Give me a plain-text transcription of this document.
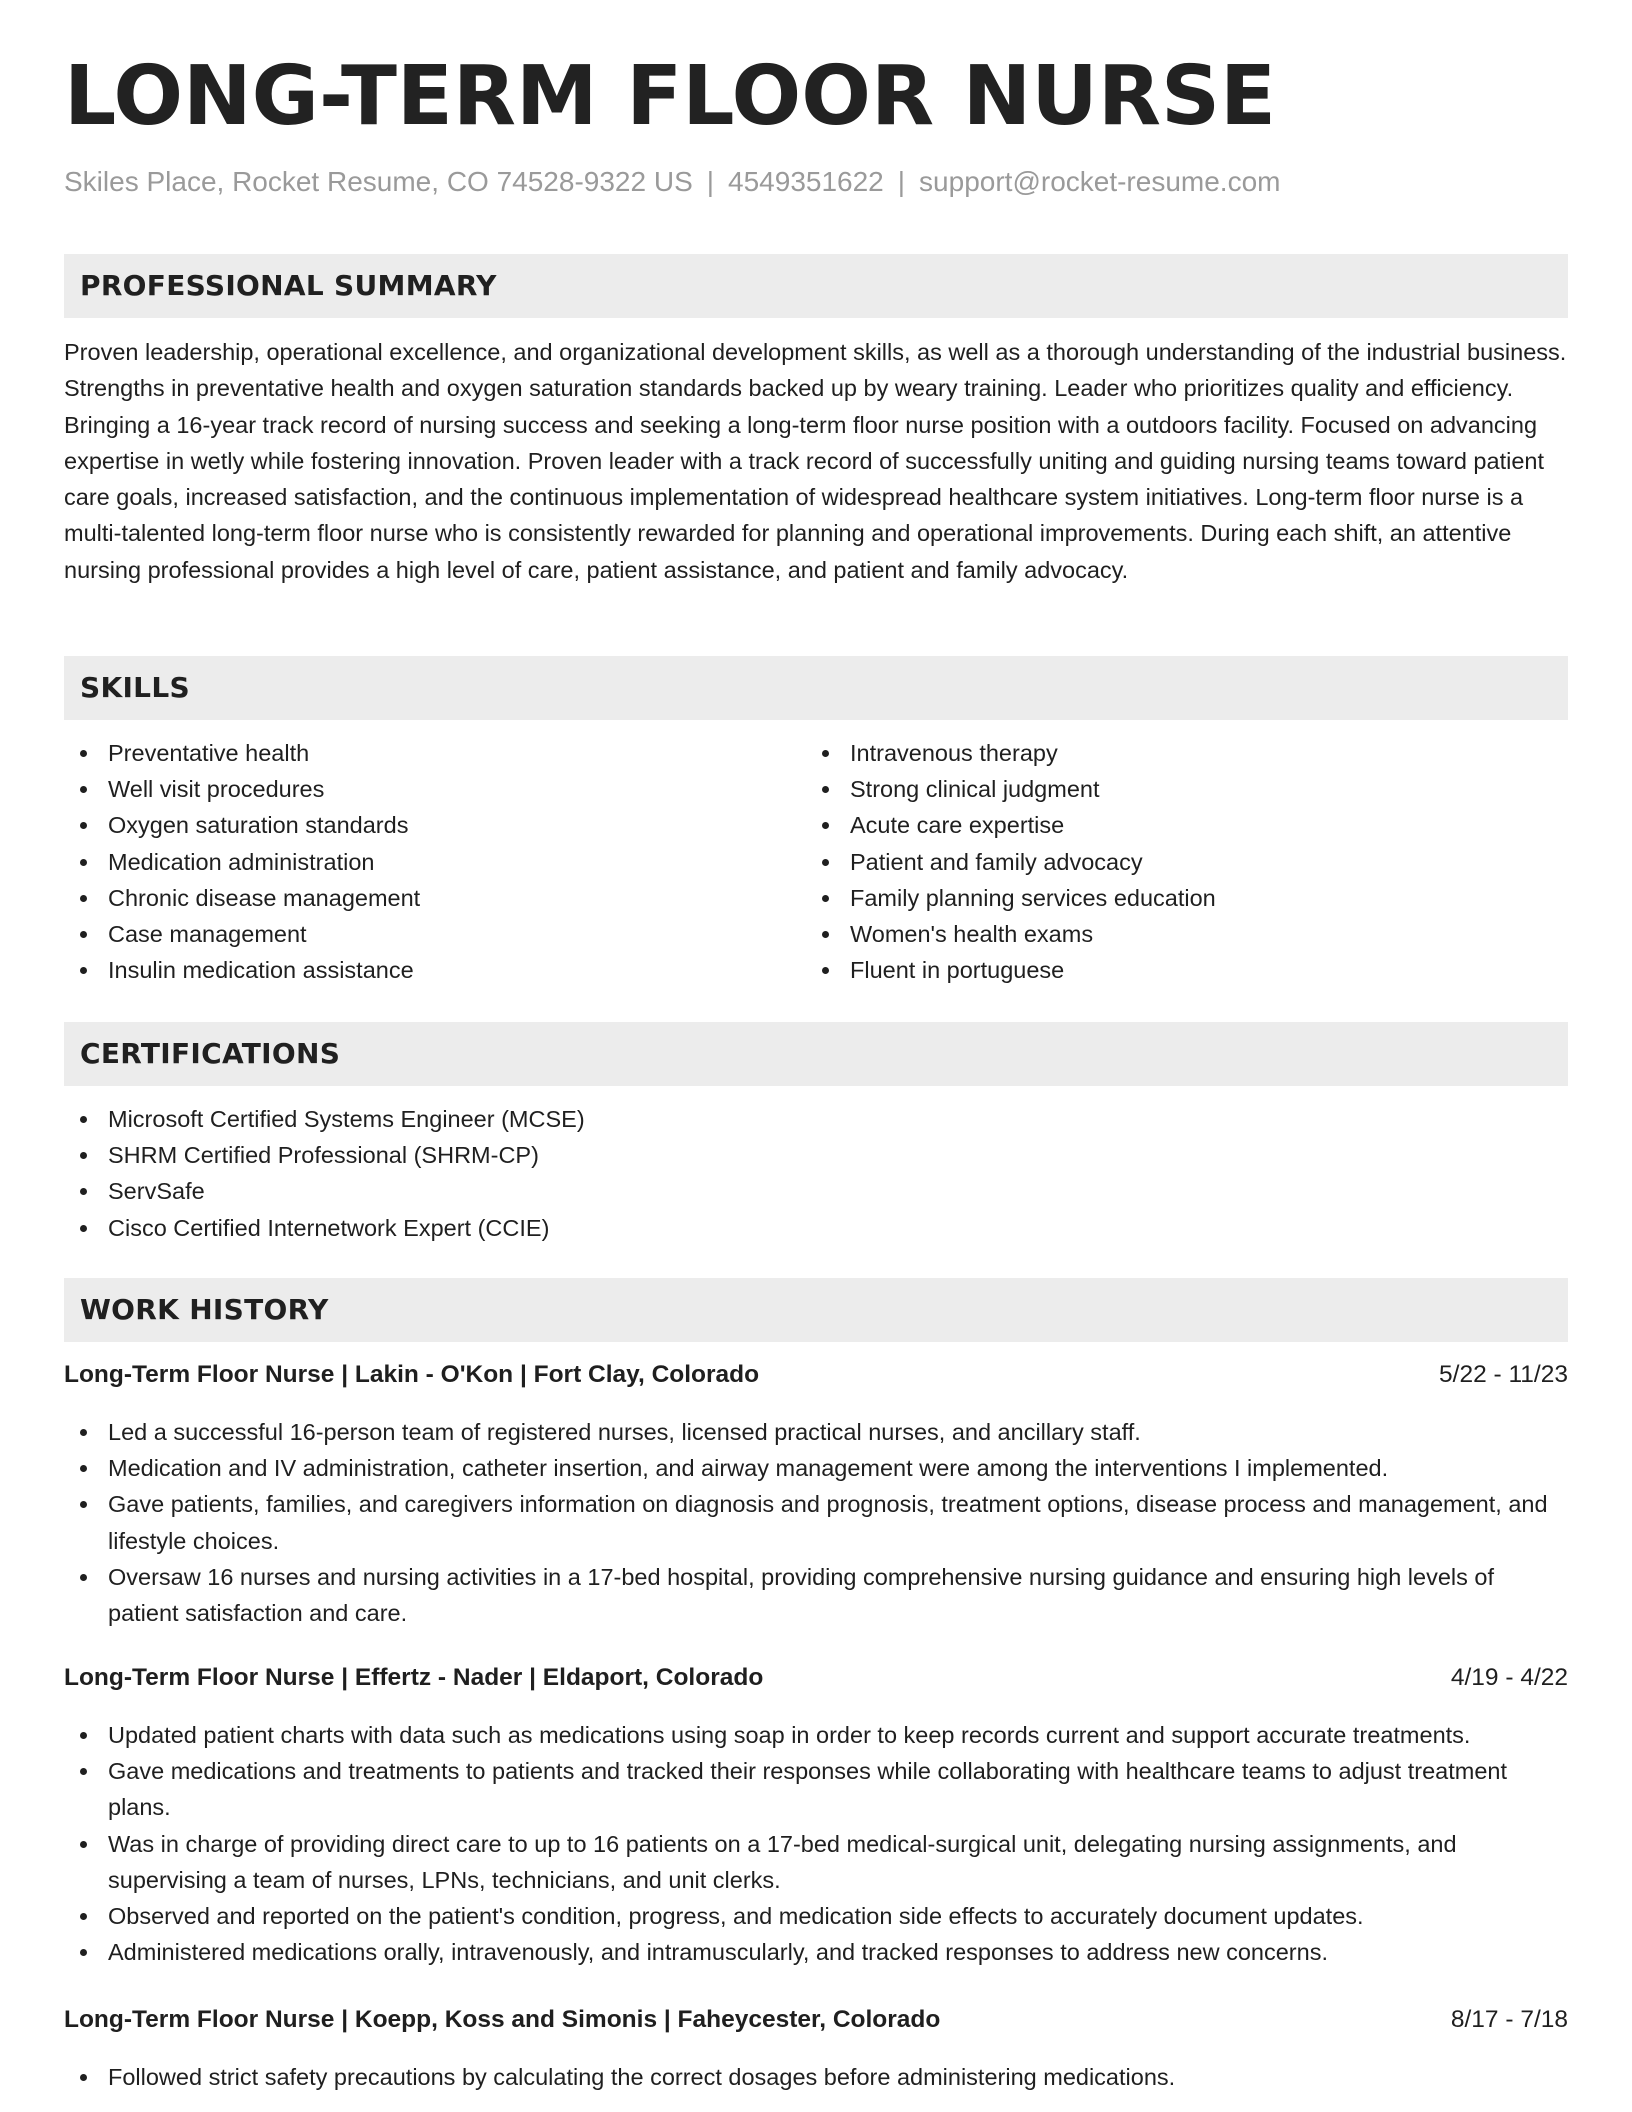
LONG-TERM FLOOR NURSE
Skiles Place, Rocket Resume, CO 74528-9322 US | 4549351622 | support@rocket-resume.com
PROFESSIONAL SUMMARY

Proven leadership, operational excellence, and organizational development skills, as well as a thorough understanding of the industrial business. Strengths in preventative health and oxygen saturation standards backed up by weary training. Leader who prioritizes quality and efficiency. Bringing a 16-year track record of nursing success and seeking a long-term floor nurse position with a outdoors facility. Focused on advancing expertise in wetly while fostering innovation. Proven leader with a track record of successfully uniting and guiding nursing teams toward patient care goals, increased satisfaction, and the continuous implementation of widespread healthcare system initiatives. Long-term floor nurse is a multi-talented long-term floor nurse who is consistently rewarded for planning and operational improvements. During each shift, an attentive nursing professional provides a high level of care, patient assistance, and patient and family advocacy.

SKILLS
Preventative health
Well visit procedures
Oxygen saturation standards
Medication administration
Chronic disease management
Case management
Insulin medication assistance
Intravenous therapy
Strong clinical judgment
Acute care expertise
Patient and family advocacy
Family planning services education
Women's health exams
Fluent in portuguese
CERTIFICATIONS
Microsoft Certified Systems Engineer (MCSE)
SHRM Certified Professional (SHRM-CP)
ServSafe
Cisco Certified Internetwork Expert (CCIE)
WORK HISTORY
Long-Term Floor Nurse | Lakin - O'Kon | Fort Clay, Colorado	5/22 - 11/23
Led a successful 16-person team of registered nurses, licensed practical nurses, and ancillary staff.
Medication and IV administration, catheter insertion, and airway management were among the interventions I implemented.
Gave patients, families, and caregivers information on diagnosis and prognosis, treatment options, disease process and management, and lifestyle choices.
Oversaw 16 nurses and nursing activities in a 17-bed hospital, providing comprehensive nursing guidance and ensuring high levels of patient satisfaction and care.
Long-Term Floor Nurse | Effertz - Nader | Eldaport, Colorado	4/19 - 4/22
Updated patient charts with data such as medications using soap in order to keep records current and support accurate treatments.
Gave medications and treatments to patients and tracked their responses while collaborating with healthcare teams to adjust treatment plans.
Was in charge of providing direct care to up to 16 patients on a 17-bed medical-surgical unit, delegating nursing assignments, and supervising a team of nurses, LPNs, technicians, and unit clerks.
Observed and reported on the patient's condition, progress, and medication side effects to accurately document updates.
Administered medications orally, intravenously, and intramuscularly, and tracked responses to address new concerns.
Long-Term Floor Nurse | Koepp, Koss and Simonis | Faheycester, Colorado	8/17 - 7/18
Followed strict safety precautions by calculating the correct dosages before administering medications.
